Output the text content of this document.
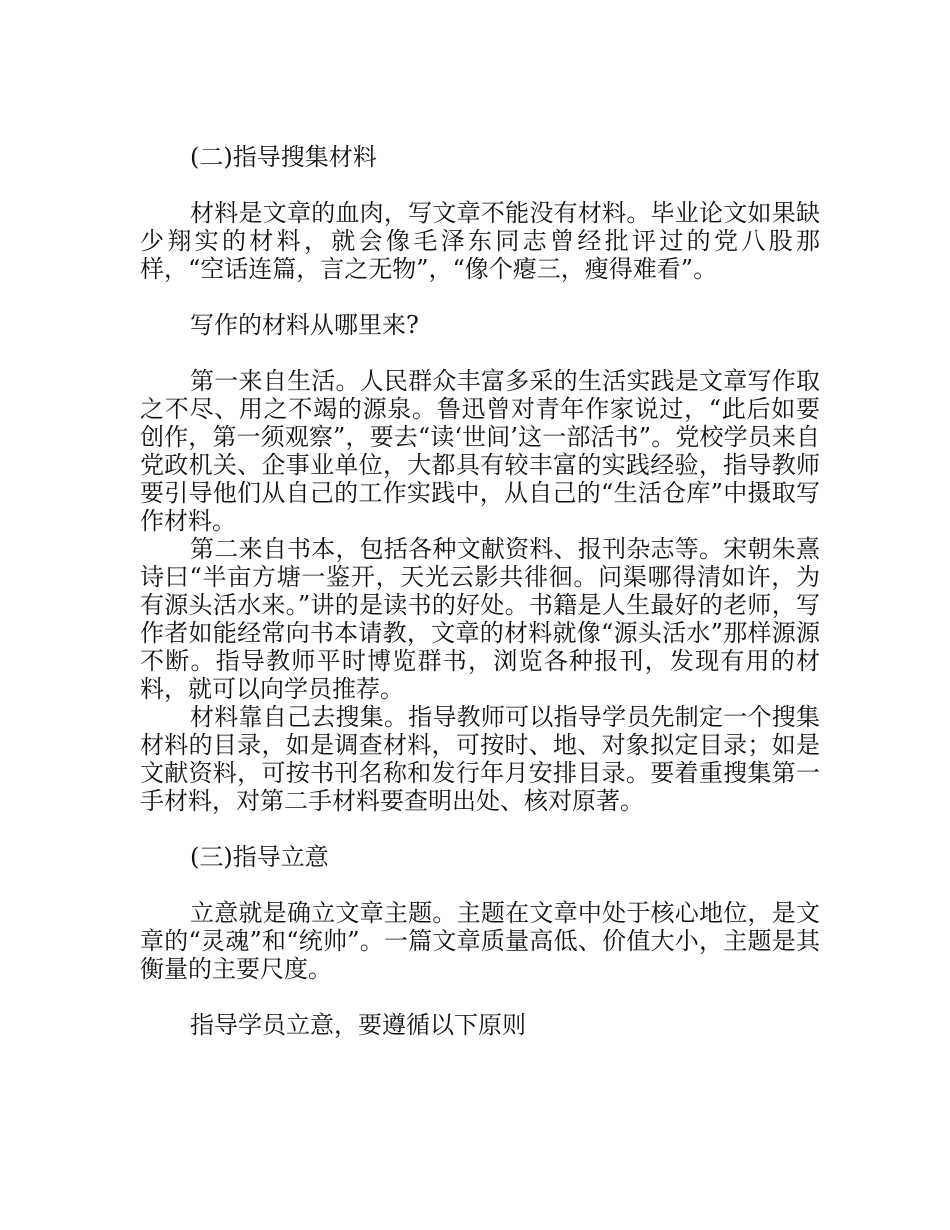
(二)指导搜集材料

材料是文章的血肉，写文章不能没有材料。毕业论文如果缺少翔实的材料，就会像毛泽东同志曾经批评过的党八股那样，“空话连篇，言之无物”，“像个瘪三，瘦得难看”。

写作的材料从哪里来?

第一来自生活。人民群众丰富多采的生活实践是文章写作取之不尽、用之不竭的源泉。鲁迅曾对青年作家说过，“此后如要创作，第一须观察”，要去“读‘世间’这一部活书”。党校学员来自党政机关、企事业单位，大都具有较丰富的实践经验，指导教师要引导他们从自己的工作实践中，从自己的“生活仓库”中摄取写作材料。

第二来自书本，包括各种文献资料、报刊杂志等。宋朝朱熹诗曰“半亩方塘一鉴开，天光云影共徘徊。问渠哪得清如许，为有源头活水来。”讲的是读书的好处。书籍是人生最好的老师，写作者如能经常向书本请教，文章的材料就像“源头活水”那样源源不断。指导教师平时博览群书，浏览各种报刊，发现有用的材料，就可以向学员推荐。

材料靠自己去搜集。指导教师可以指导学员先制定一个搜集材料的目录，如是调查材料，可按时、地、对象拟定目录；如是文献资料，可按书刊名称和发行年月安排目录。要着重搜集第一手材料，对第二手材料要查明出处、核对原著。

(三)指导立意

立意就是确立文章主题。主题在文章中处于核心地位，是文章的“灵魂”和“统帅”。一篇文章质量高低、价值大小，主题是其衡量的主要尺度。

指导学员立意，要遵循以下原则
